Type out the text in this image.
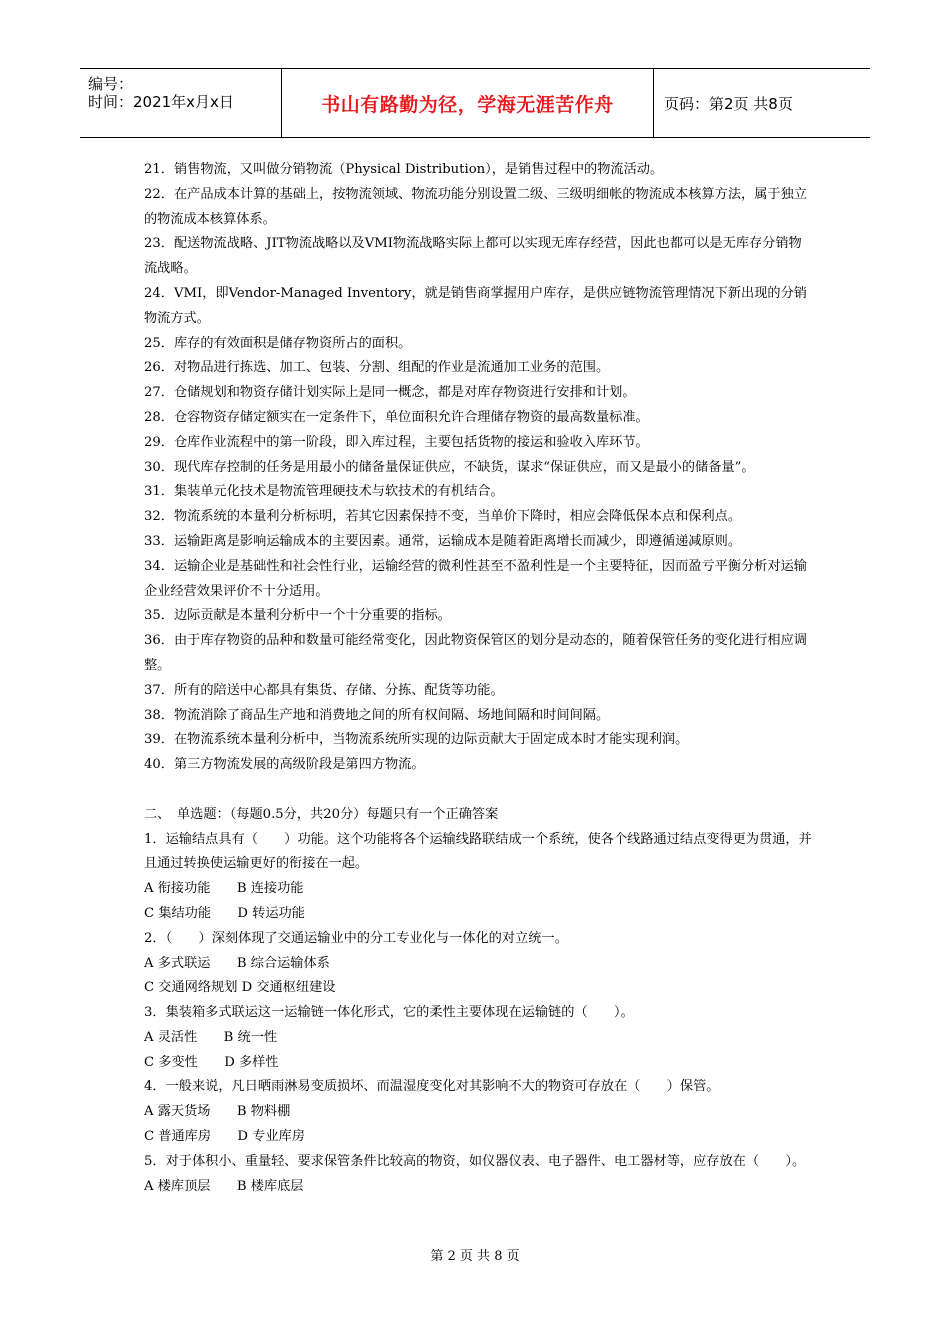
编号：
时间：2021年x月x日	书山有路勤为径，学海无涯苦作舟	页码：第2页 共8页

21．销售物流，又叫做分销物流（Physical Distribution），是销售过程中的物流活动。

22．在产品成本计算的基础上，按物流领域、物流功能分别设置二级、三级明细帐的物流成本核算方法，属于独立的物流成本核算体系。

23．配送物流战略、JIT物流战略以及VMI物流战略实际上都可以实现无库存经营，因此也都可以是无库存分销物流战略。

24．VMI，即Vendor-Managed Inventory，就是销售商掌握用户库存，是供应链物流管理情况下新出现的分销物流方式。

25．库存的有效面积是储存物资所占的面积。

26．对物品进行拣选、加工、包装、分割、组配的作业是流通加工业务的范围。

27．仓储规划和物资存储计划实际上是同一概念，都是对库存物资进行安排和计划。

28．仓容物资存储定额实在一定条件下，单位面积允许合理储存物资的最高数量标准。

29．仓库作业流程中的第一阶段，即入库过程，主要包括货物的接运和验收入库环节。

30．现代库存控制的任务是用最小的储备量保证供应，不缺货，谋求“保证供应，而又是最小的储备量”。

31．集装单元化技术是物流管理硬技术与软技术的有机结合。

32．物流系统的本量利分析标明，若其它因素保持不变，当单价下降时，相应会降低保本点和保利点。

33．运输距离是影响运输成本的主要因素。通常，运输成本是随着距离增长而减少，即遵循递减原则。

34．运输企业是基础性和社会性行业，运输经营的微利性甚至不盈利性是一个主要特征，因而盈亏平衡分析对运输企业经营效果评价不十分适用。

35．边际贡献是本量利分析中一个十分重要的指标。

36．由于库存物资的品种和数量可能经常变化，因此物资保管区的划分是动态的，随着保管任务的变化进行相应调整。

37．所有的陪送中心都具有集货、存储、分拣、配货等功能。

38．物流消除了商品生产地和消费地之间的所有权间隔、场地间隔和时间间隔。

39．在物流系统本量利分析中，当物流系统所实现的边际贡献大于固定成本时才能实现利润。

40．第三方物流发展的高级阶段是第四方物流。

二、　单选题：（每题0.5分，共20分）每题只有一个正确答案

1．运输结点具有（　　）功能。这个功能将各个运输线路联结成一个系统，使各个线路通过结点变得更为贯通，并且通过转换使运输更好的衔接在一起。

A 衔接功能　　B 连接功能

C 集结功能　　D 转运功能

2．（　　）深刻体现了交通运输业中的分工专业化与一体化的对立统一。

A 多式联运　　B 综合运输体系

C 交通网络规划 D 交通枢纽建设

3．集装箱多式联运这一运输链一体化形式，它的柔性主要体现在运输链的（　　）。

A 灵活性　　B 统一性

C 多变性　　D 多样性

4．一般来说，凡日晒雨淋易变质损坏、而温湿度变化对其影响不大的物资可存放在（　　）保管。

A 露天货场　　B 物料棚

C 普通库房　　D 专业库房

5．对于体积小、重量轻、要求保管条件比较高的物资，如仪器仪表、电子器件、电工器材等，应存放在（　　）。

A 楼库顶层　　B 楼库底层

第 2 页 共 8 页
